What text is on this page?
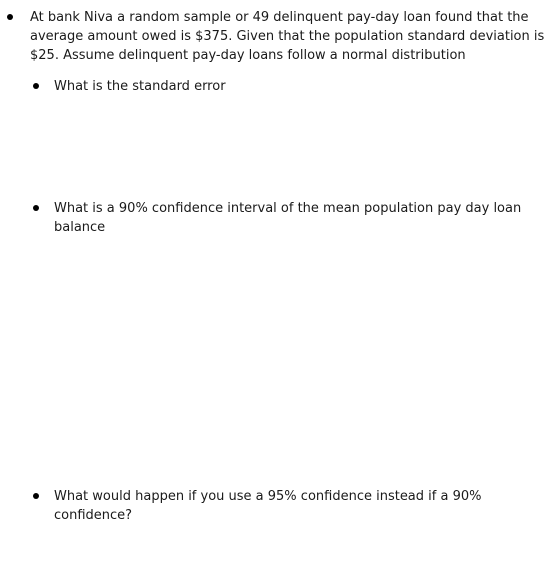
At bank Niva a random sample or 49 delinquent pay-day loan found that the average amount owed is $375. Given that the population standard deviation is $25. Assume delinquent pay-day loans follow a normal distribution

What is the standard error

What is a 90% confidence interval of the mean population pay day loan balance

What would happen if you use a 95% confidence instead if a 90% confidence?
